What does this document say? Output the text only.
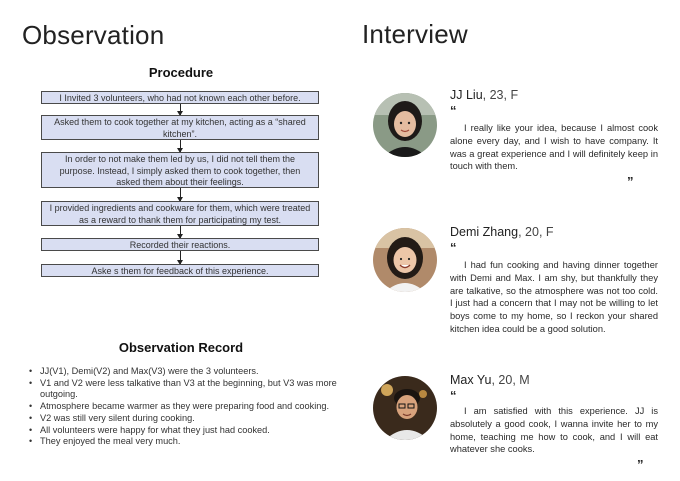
Observation	Interview
Procedure
I Invited 3 volunteers, who had not known each other before.
Asked them to cook together at my kitchen, acting as a “shared kitchen”.
In order to not make them led by us, I did not tell them the purpose. Instead, I simply asked them to cook together, then asked them about their feelings.
I provided ingredients and cookware for them, which were treated as a reward to thank them for participating my test.
Recorded their reactions.
Aske s them for feedback of this experience.
Observation Record
• JJ(V1), Demi(V2) and Max(V3) were the 3 volunteers.
• V1 and V2 were less talkative than V3 at the beginning, but V3 was more outgoing.
• Atmosphere became warmer as they were preparing food and cooking.
• V2 was still very silent during cooking.
• All volunteers were happy for what they just had cooked.
• They enjoyed the meal very much.
JJ Liu, 23, F
“

I really like your idea, because I almost cook alone every day, and I wish to have company. It was a great experience and I will definitely keep in touch with them.

”
Demi Zhang, 20, F
“

I had fun cooking and having dinner together with Demi and Max. I am shy, but thankfully they are talkative, so the atmosphere was not too cold. I just had a concern that I may not be willing to let boys come to my home, so I reckon your shared kitchen idea could be a good solution.

Max Yu, 20, M
“

I am satisfied with this experience. JJ is absolutely a good cook, I wanna invite her to my home, teaching me how to cook, and I will eat whatever she cooks.

”
